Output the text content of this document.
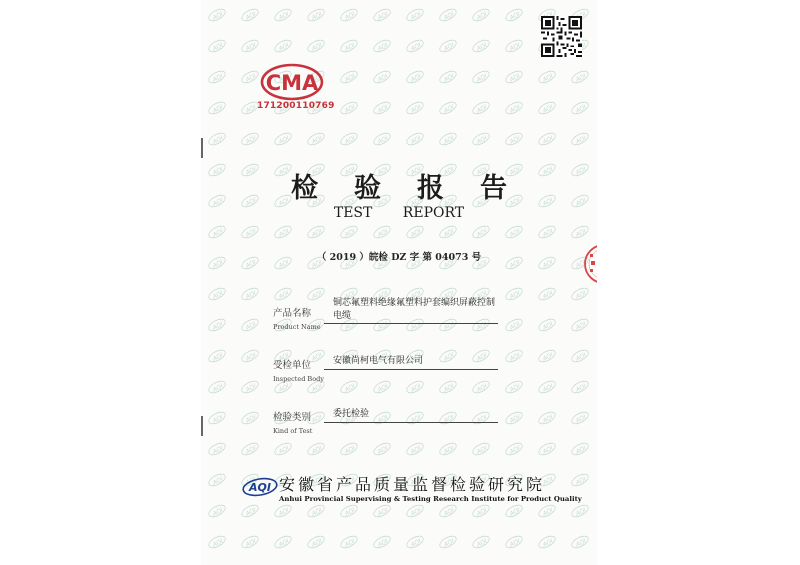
CMA
171200110769
检验报告
TEST REPORT
（ 2019 ）皖检 DZ 字 第 04073 号
产品名称
Product Name
铜芯氟塑料绝缘氟塑料护套编织屏蔽控制
电缆
受检单位
Inspected Body
安徽尚柯电气有限公司
检验类别
Kind of Test
委托检验
AQI 安徽省产品质量监督检验研究院
Anhui Provincial Supervising & Testing Research Institute for Product Quality
